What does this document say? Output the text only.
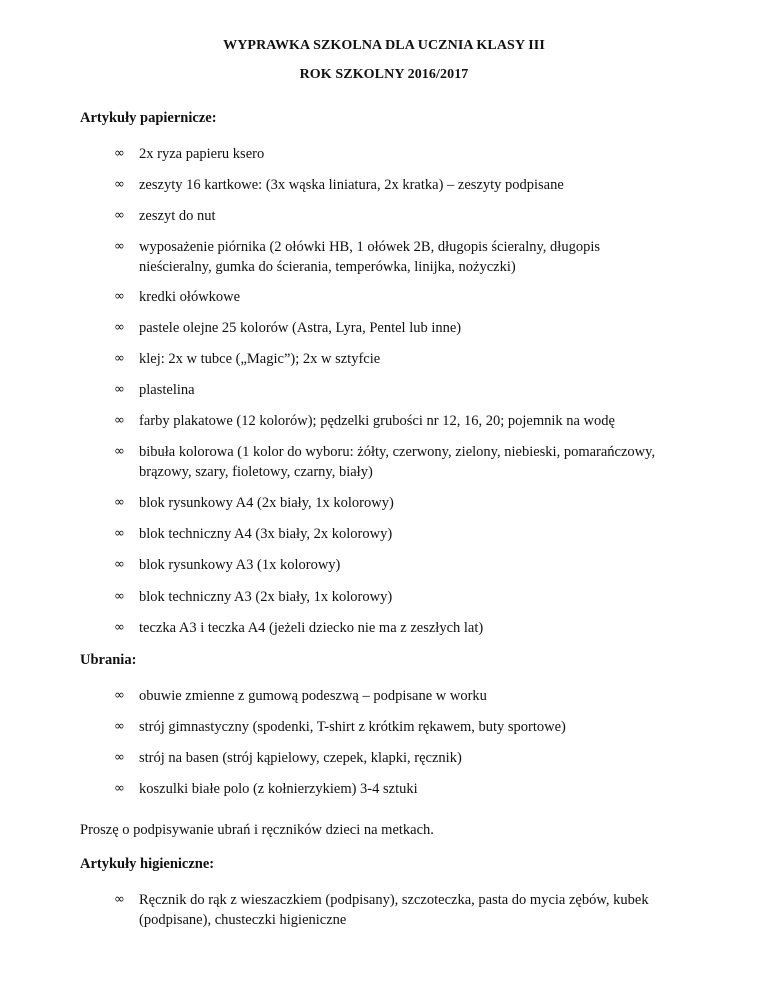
WYPRAWKA SZKOLNA DLA UCZNIA KLASY III
ROK SZKOLNY 2016/2017
Artykuły papiernicze:
∞ 2x ryza papieru ksero
∞ zeszyty 16 kartkowe: (3x wąska liniatura, 2x kratka) – zeszyty podpisane
∞ zeszyt do nut
∞ wyposażenie piórnika (2 ołówki HB, 1 ołówek 2B, długopis ścieralny, długopis nieścieralny, gumka do ścierania, temperówka, linijka, nożyczki)
∞ kredki ołówkowe
∞ pastele olejne 25 kolorów (Astra, Lyra, Pentel lub inne)
∞ klej: 2x w tubce („Magic”); 2x w sztyfcie
∞ plastelina
∞ farby plakatowe (12 kolorów); pędzelki grubości nr 12, 16, 20; pojemnik na wodę
∞ bibuła kolorowa (1 kolor do wyboru: żółty, czerwony, zielony, niebieski, pomarańczowy, brązowy, szary, fioletowy, czarny, biały)
∞ blok rysunkowy A4 (2x biały, 1x kolorowy)
∞ blok techniczny A4 (3x biały, 2x kolorowy)
∞ blok rysunkowy A3 (1x kolorowy)
∞ blok techniczny A3 (2x biały, 1x kolorowy)
∞ teczka A3 i teczka A4 (jeżeli dziecko nie ma z zeszłych lat)
Ubrania:
∞ obuwie zmienne z gumową podeszwą – podpisane w worku
∞ strój gimnastyczny (spodenki, T-shirt z krótkim rękawem, buty sportowe)
∞ strój na basen (strój kąpielowy, czepek, klapki, ręcznik)
∞ koszulki białe polo (z kołnierzykiem) 3-4 sztuki
Proszę o podpisywanie ubrań i ręczników dzieci na metkach.
Artykuły higieniczne:
∞ Ręcznik do rąk z wieszaczkiem (podpisany), szczoteczka, pasta do mycia zębów, kubek (podpisane), chusteczki higieniczne
